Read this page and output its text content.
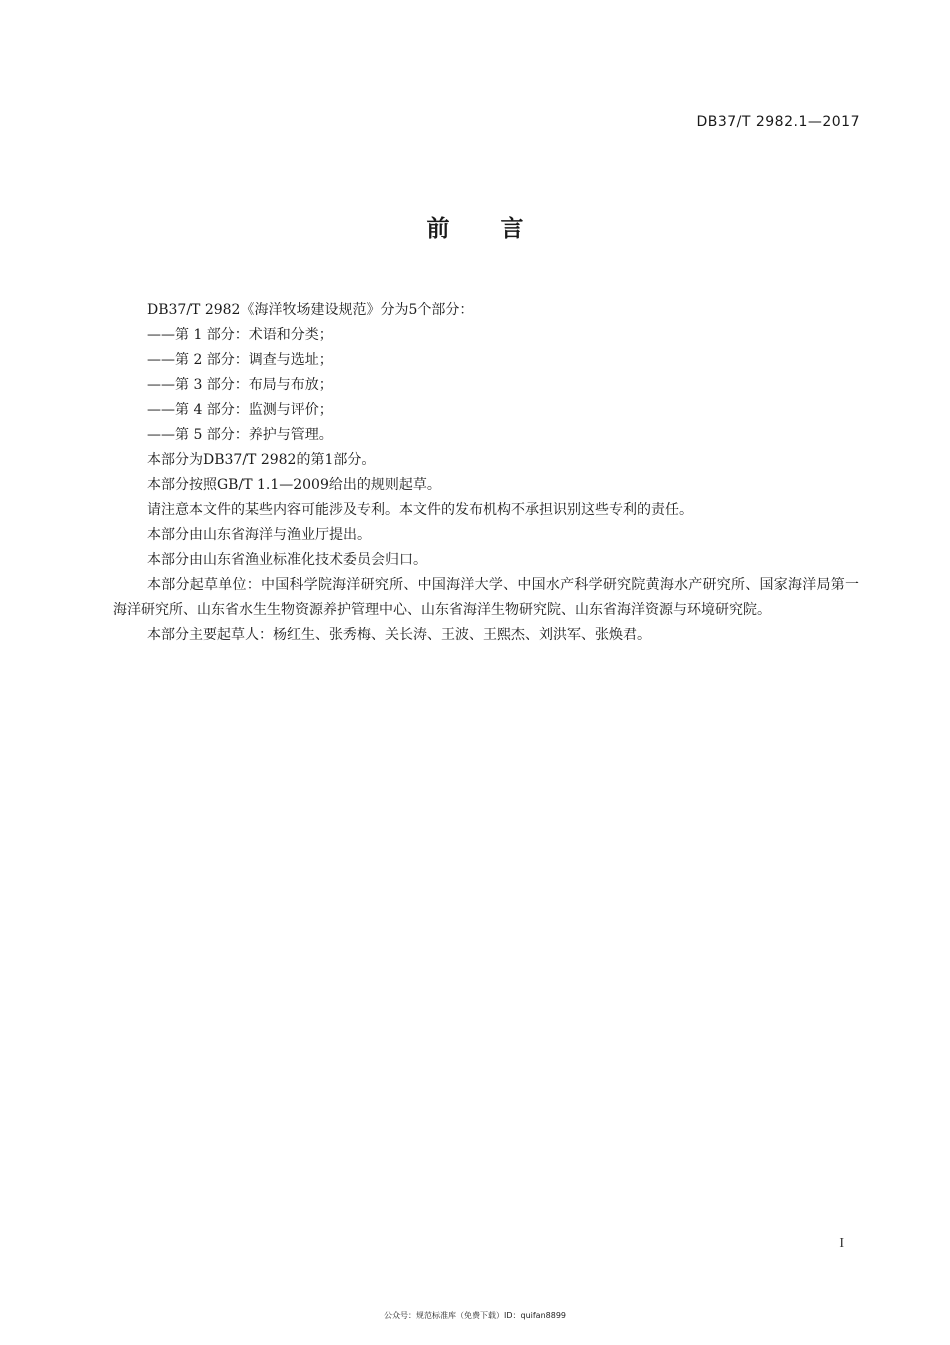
DB37/T 2982.1—2017
前　言

DB37/T 2982《海洋牧场建设规范》分为5个部分：

——第 1 部分：术语和分类；

——第 2 部分：调查与选址；

——第 3 部分：布局与布放；

——第 4 部分：监测与评价；

——第 5 部分：养护与管理。

本部分为DB37/T 2982的第1部分。

本部分按照GB/T 1.1—2009给出的规则起草。

请注意本文件的某些内容可能涉及专利。本文件的发布机构不承担识别这些专利的责任。

本部分由山东省海洋与渔业厅提出。

本部分由山东省渔业标准化技术委员会归口。

本部分起草单位：中国科学院海洋研究所、中国海洋大学、中国水产科学研究院黄海水产研究所、国家海洋局第一海洋研究所、山东省水生生物资源养护管理中心、山东省海洋生物研究院、山东省海洋资源与环境研究院。

本部分主要起草人：杨红生、张秀梅、关长涛、王波、王熙杰、刘洪军、张焕君。

I
公众号：规范标准库（免费下载）ID：quifan8899
